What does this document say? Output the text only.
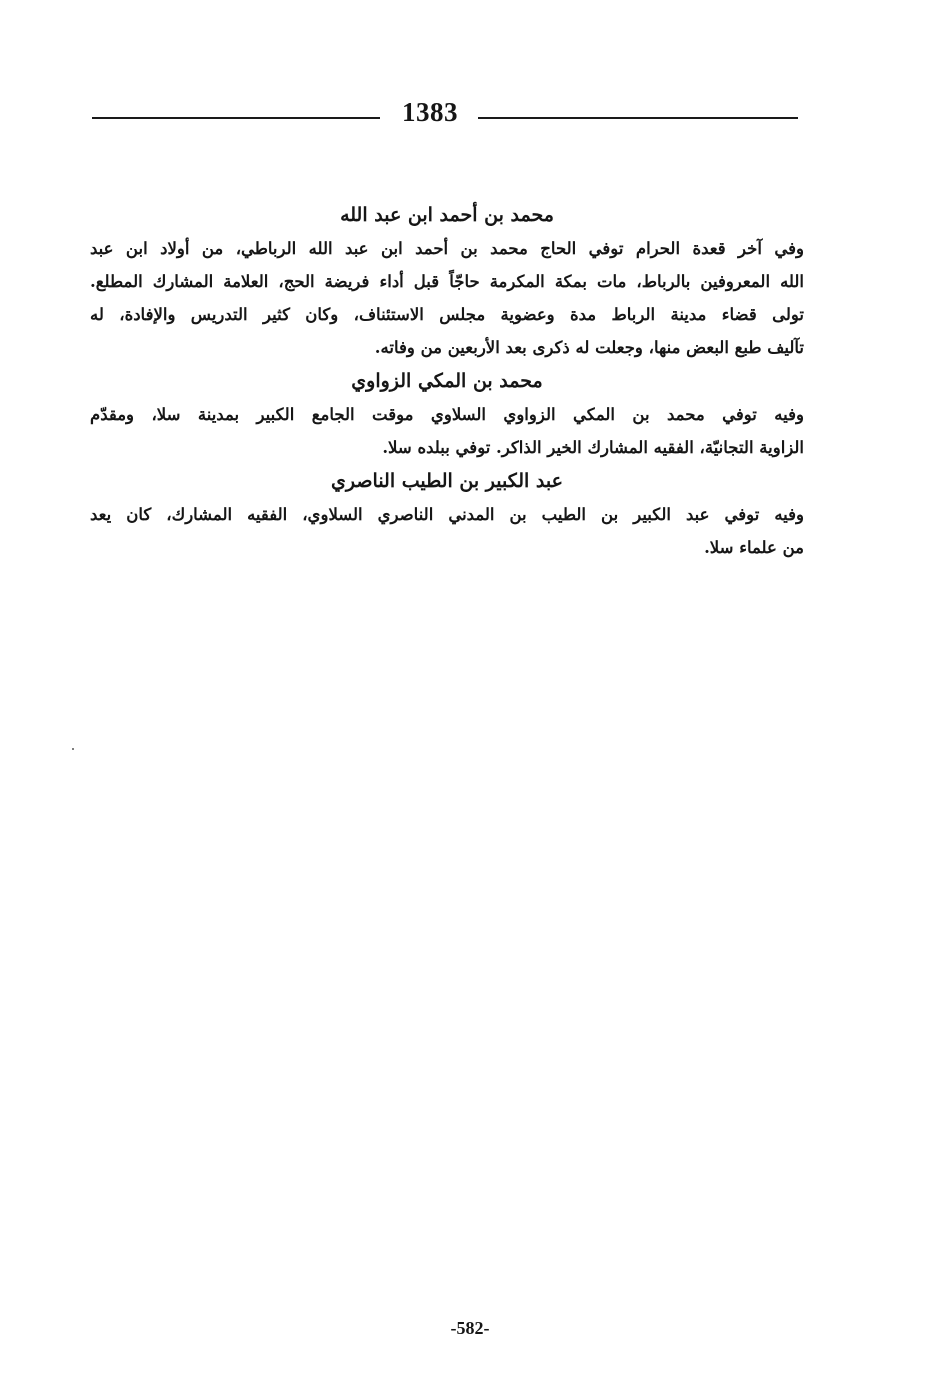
1383
محمد بن أحمد ابن عبد الله
وفي آخر قعدة الحرام توفي الحاج محمد بن أحمد ابن عبد الله الرباطي، من أولاد ابن عبد
الله المعروفين بالرباط، مات بمكة المكرمة حاجّاً قبل أداء فريضة الحج، العلامة المشارك المطلع.
تولى قضاء مدينة الرباط مدة وعضوية مجلس الاستئناف، وكان كثير التدريس والإفادة، له
تآليف طبع البعض منها، وجعلت له ذكرى بعد الأربعين من وفاته.
محمد بن المكي الزواوي
وفيه توفي محمد بن المكي الزواوي السلاوي موقت الجامع الكبير بمدينة سلا، ومقدّم
الزاوية التجانيّة، الفقيه المشارك الخير الذاكر. توفي ببلده سلا.
عبد الكبير بن الطيب الناصري
وفيه توفي عبد الكبير بن الطيب بن المدني الناصري السلاوي، الفقيه المشارك، كان يعد
من علماء سلا.
-582-
